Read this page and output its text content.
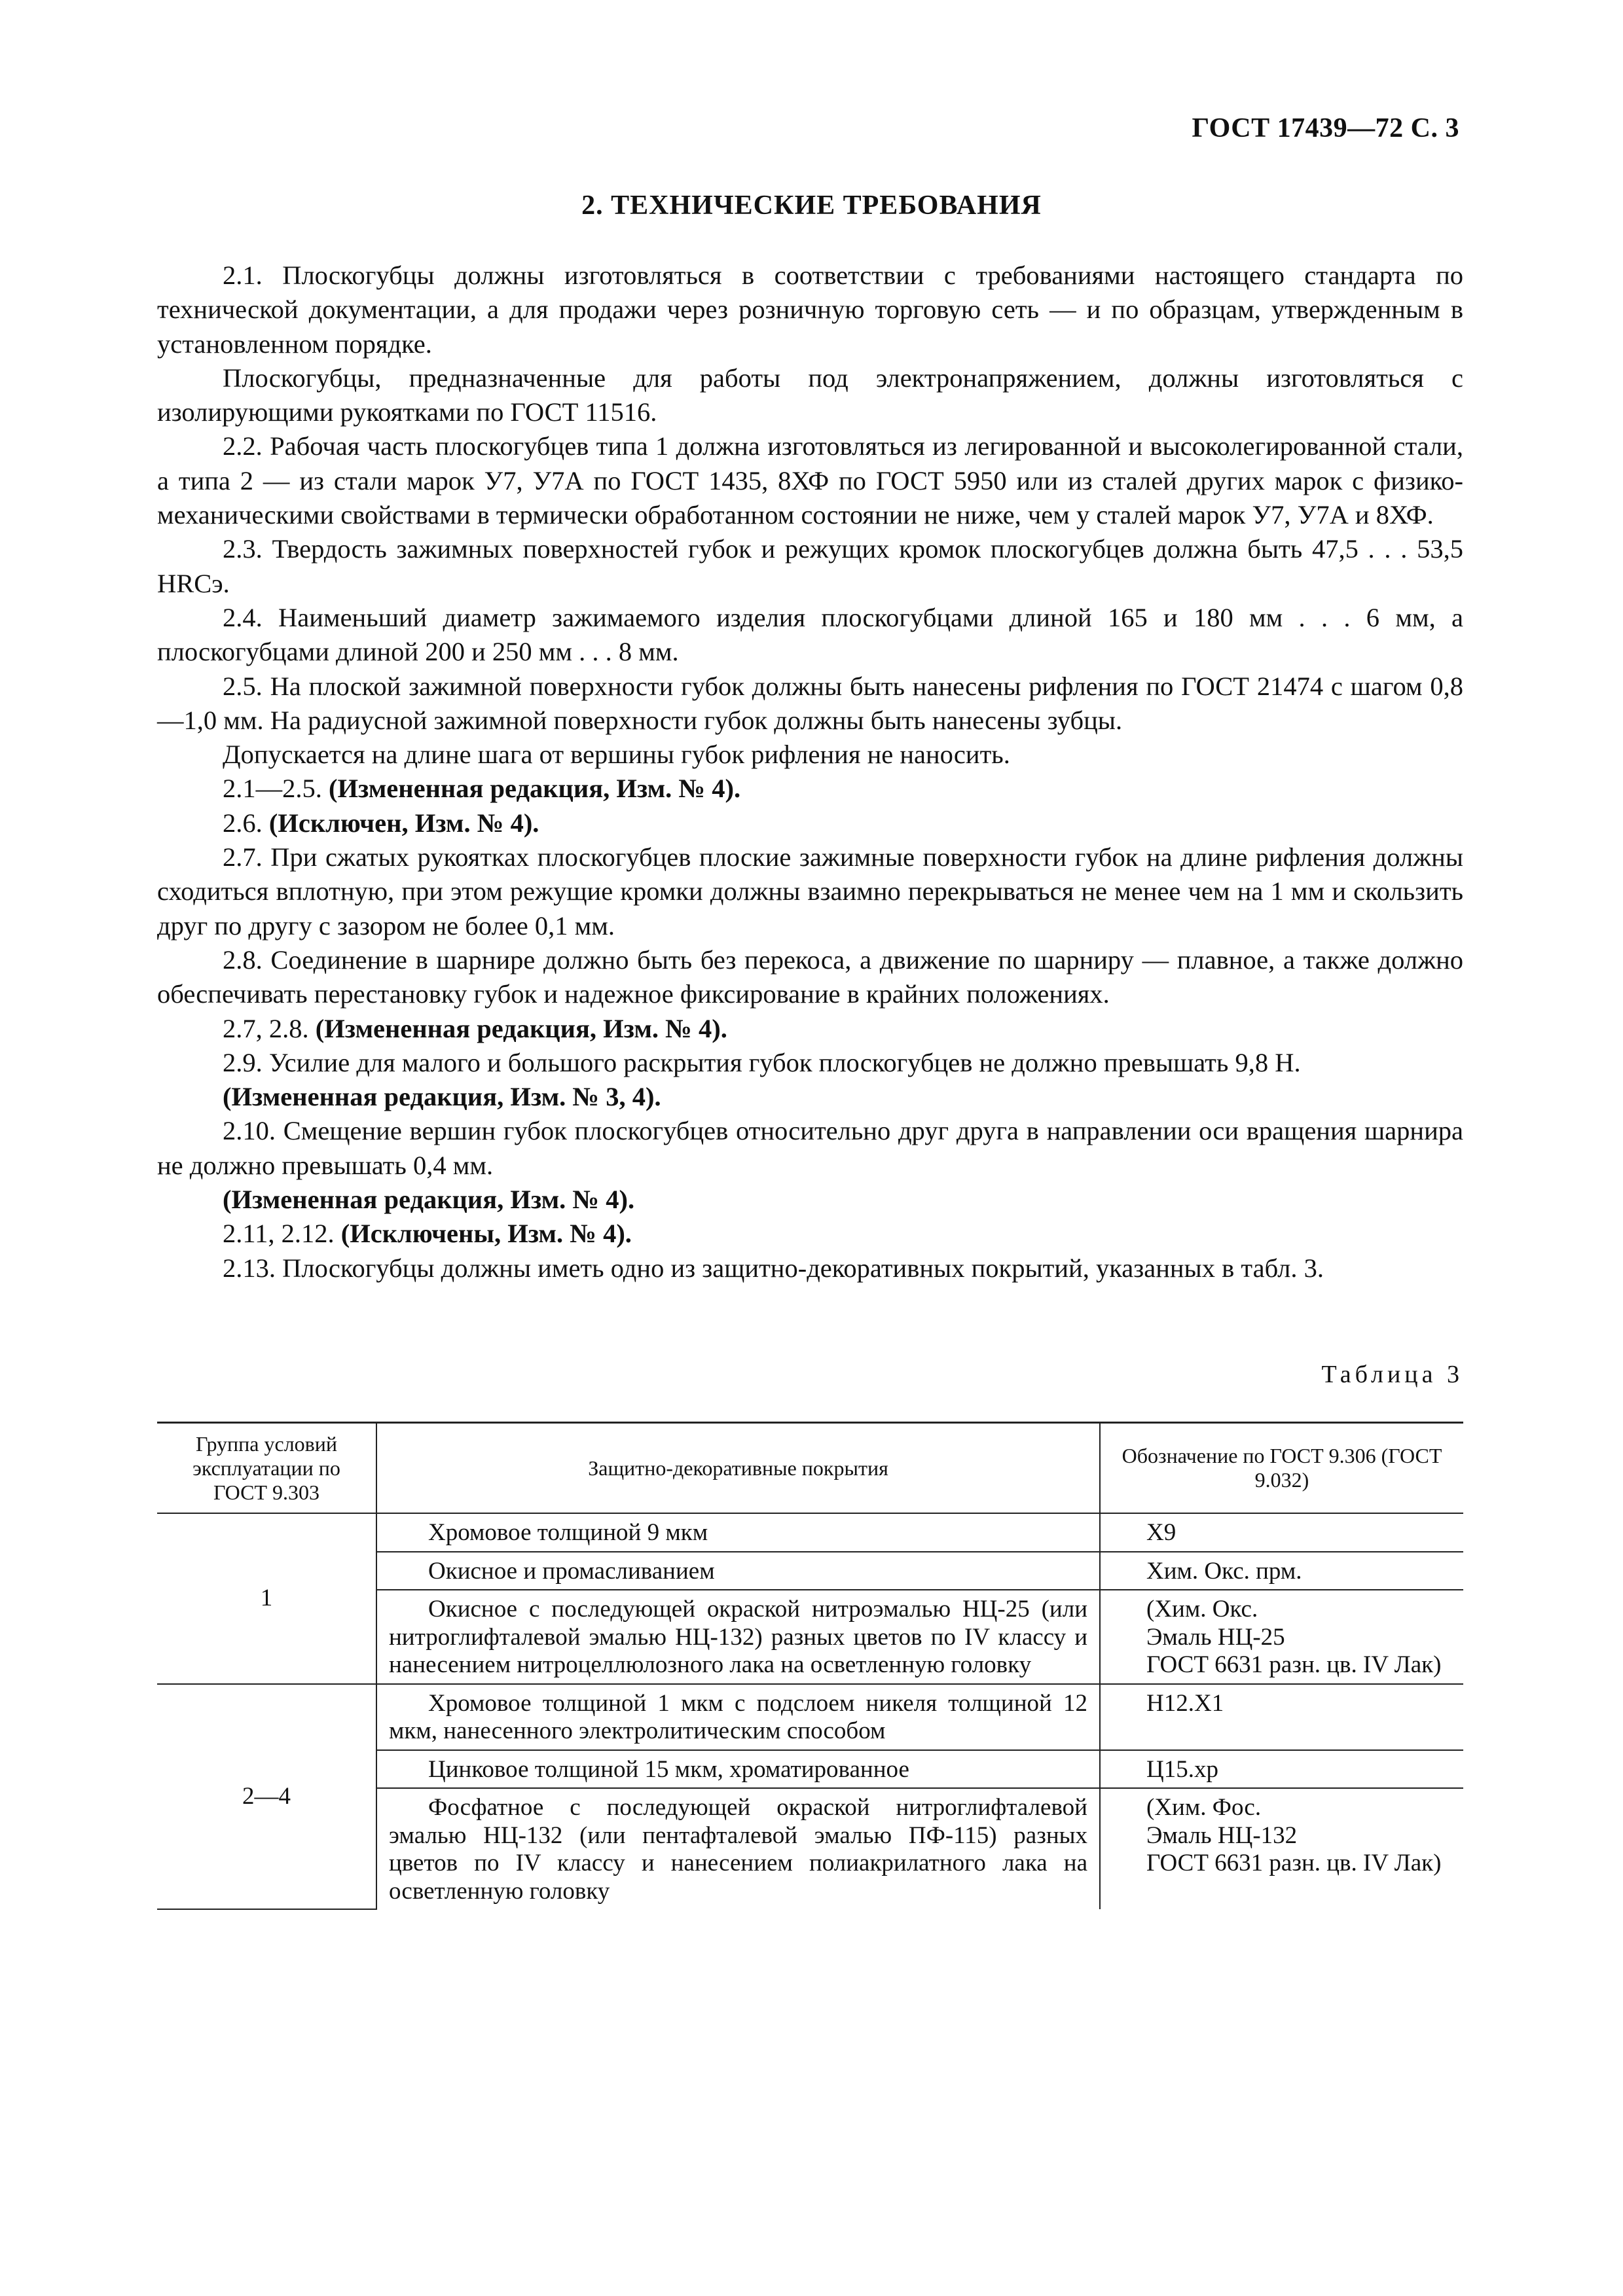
ГОСТ 17439—72 С. 3
2. ТЕХНИЧЕСКИЕ ТРЕБОВАНИЯ

2.1. Плоскогубцы должны изготовляться в соответствии с требованиями настоящего стандарта по технической документации, а для продажи через розничную торговую сеть — и по образцам, утвержденным в установленном порядке.

Плоскогубцы, предназначенные для работы под электронапряжением, должны изготовляться с изолирующими рукоятками по ГОСТ 11516.

2.2. Рабочая часть плоскогубцев типа 1 должна изготовляться из легированной и высоколегированной стали, а типа 2 — из стали марок У7, У7А по ГОСТ 1435, 8ХФ по ГОСТ 5950 или из сталей других марок с физико-механическими свойствами в термически обработанном состоянии не ниже, чем у сталей марок У7, У7А и 8ХФ.

2.3. Твердость зажимных поверхностей губок и режущих кромок плоскогубцев должна быть 47,5 . . . 53,5 HRCэ.

2.4. Наименьший диаметр зажимаемого изделия плоскогубцами длиной 165 и 180 мм . . . 6 мм, а плоскогубцами длиной 200 и 250 мм . . . 8 мм.

2.5. На плоской зажимной поверхности губок должны быть нанесены рифления по ГОСТ 21474 с шагом 0,8—1,0 мм. На радиусной зажимной поверхности губок должны быть нанесены зубцы.

Допускается на длине шага от вершины губок рифления не наносить.

2.1—2.5. (Измененная редакция, Изм. № 4).

2.6. (Исключен, Изм. № 4).

2.7. При сжатых рукоятках плоскогубцев плоские зажимные поверхности губок на длине рифления должны сходиться вплотную, при этом режущие кромки должны взаимно перекрываться не менее чем на 1 мм и скользить друг по другу с зазором не более 0,1 мм.

2.8. Соединение в шарнире должно быть без перекоса, а движение по шарниру — плавное, а также должно обеспечивать перестановку губок и надежное фиксирование в крайних положениях.

2.7, 2.8. (Измененная редакция, Изм. № 4).

2.9. Усилие для малого и большого раскрытия губок плоскогубцев не должно превышать 9,8 Н.

(Измененная редакция, Изм. № 3, 4).

2.10. Смещение вершин губок плоскогубцев относительно друг друга в направлении оси вращения шарнира не должно превышать 0,4 мм.

(Измененная редакция, Изм. № 4).

2.11, 2.12. (Исключены, Изм. № 4).

2.13. Плоскогубцы должны иметь одно из защитно-декоративных покрытий, указанных в табл. 3.

Таблица 3
Группа условий эксплуатации по ГОСТ 9.303	Защитно-декоративные покрытия	Обозначение по ГОСТ 9.306 (ГОСТ 9.032)
1	Хромовое толщиной 9 мкм	Х9
	Окисное и промасливанием	Хим. Окс. прм.
	Окисное с последующей окраской нитроэмалью НЦ-25 (или нитроглифталевой эмалью НЦ-132) разных цветов по IV классу и нанесением нитроцеллюлозного лака на осветленную головку	(Хим. Окс.
Эмаль НЦ-25
ГОСТ 6631 разн. цв. IV Лак)
2—4	Хромовое толщиной 1 мкм с подслоем никеля толщиной 12 мкм, нанесенного электролитическим способом	Н12.Х1
	Цинковое толщиной 15 мкм, хроматированное	Ц15.хр
	Фосфатное с последующей окраской нитроглифталевой эмалью НЦ-132 (или пентафталевой эмалью ПФ-115) разных цветов по IV классу и нанесением полиакрилатного лака на осветленную головку	(Хим. Фос.
Эмаль НЦ-132
ГОСТ 6631 разн. цв. IV Лак)
